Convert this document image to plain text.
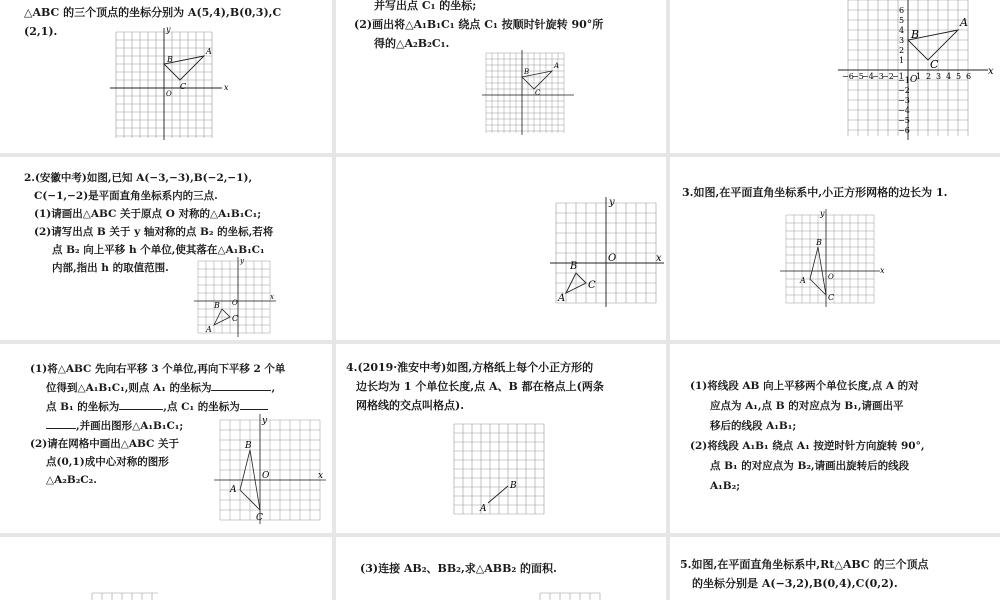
△ABC 的三个顶点的坐标分别为 A(5,4),B(0,3),C

(2,1).

A
B
C	x
y
O

并写出点 C₁ 的坐标;

(2)画出将△A₁B₁C₁ 绕点 C₁ 按顺时针旋转 90°所

得的△A₂B₂C₁.

A
B
C
A
B
C
x
O
−6
−5
−4
−3
−2
−1 1 2 3 4 5 6
1
2
3
4
5
6
−1
−2
−3
−4
−5
−6

2.(安徽中考)如图,已知 A(−3,−3),B(−2,−1),

C(−1,−2)是平面直角坐标系内的三点.

(1)请画出△ABC 关于原点 O 对称的△A₁B₁C₁;

(2)请写出点 B 关于 y 轴对称的点 B₂ 的坐标,若将

点 B₂ 向上平移 h 个单位,使其落在△A₁B₁C₁

内部,指出 h 的取值范围.

A
B
C
O
x
y
A
B
C
O	x
y

3.如图,在平面直角坐标系中,小正方形网格的边长为 1.

A
B
C
O
x
y

(1)将△ABC 先向右平移 3 个单位,再向下平移 2 个单

位得到△A₁B₁C₁,则点 A₁ 的坐标为	,

点 B₁ 的坐标为	,点 C₁ 的坐标为

,并画出图形△A₁B₁C₁;

(2)请在网格中画出△ABC 关于

点(0,1)成中心对称的图形

△A₂B₂C₂.

A
B
C
O	x
y

4.(2019·淮安中考)如图,方格纸上每个小正方形的

边长均为 1 个单位长度,点 A、B 都在格点上(两条

网格线的交点叫格点).

A
B

(1)将线段 AB 向上平移两个单位长度,点 A 的对

应点为 A₁,点 B 的对应点为 B₁,请画出平

移后的线段 A₁B₁;

(2)将线段 A₁B₁ 绕点 A₁ 按逆时针方向旋转 90°,

点 B₁ 的对应点为 B₂,请画出旋转后的线段

A₁B₂;

(3)连接 AB₂、BB₂,求△ABB₂ 的面积.	5.如图,在平面直角坐标系中,Rt△ABC 的三个顶点

的坐标分别是 A(−3,2),B(0,4),C(0,2).
